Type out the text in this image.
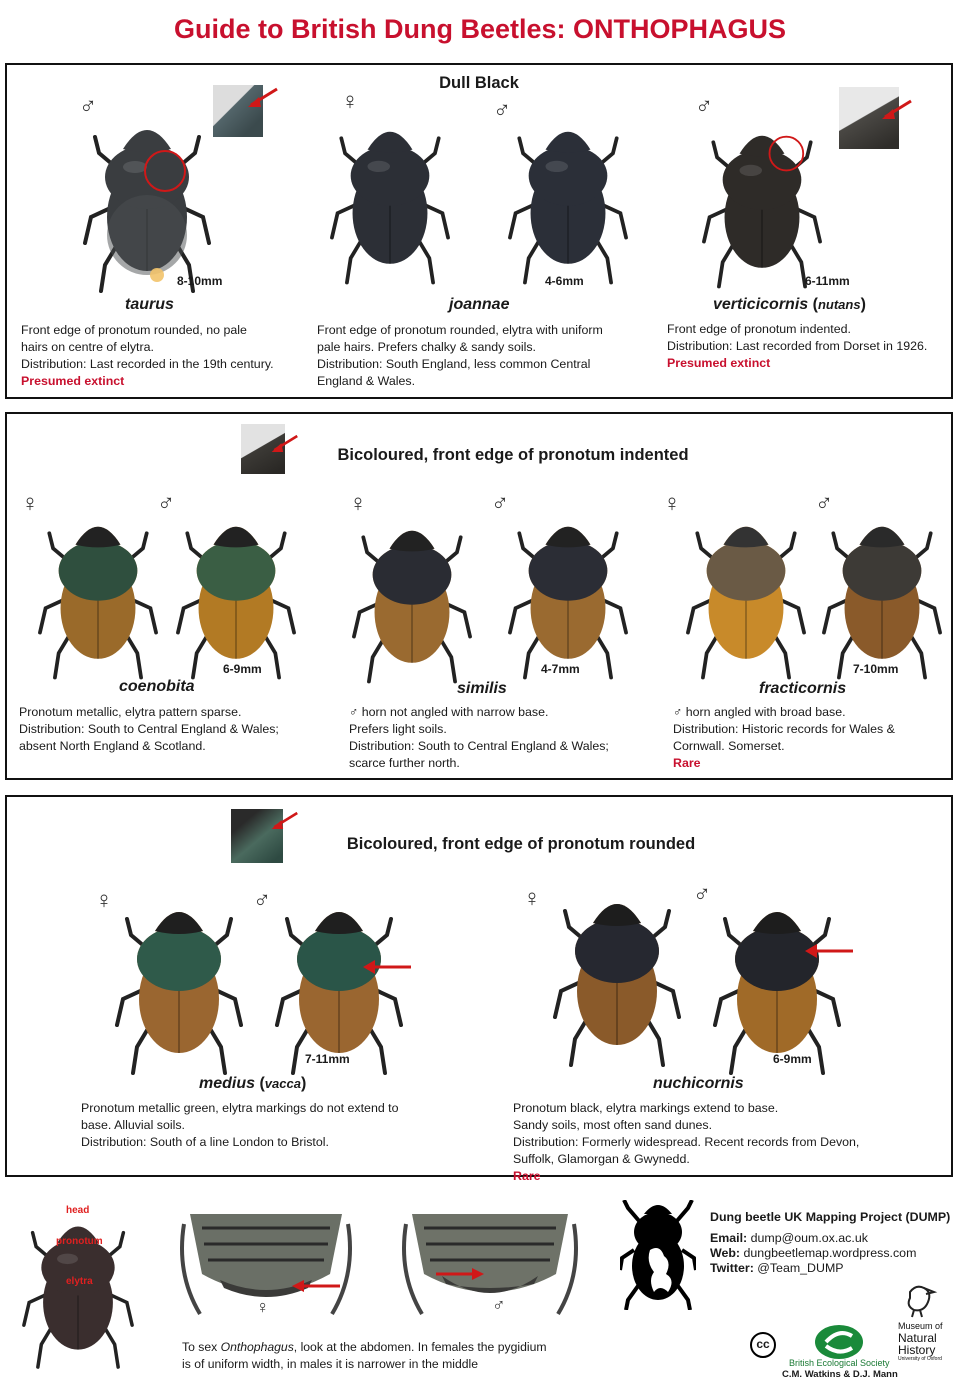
Guide to British Dung Beetles: ONTHOPHAGUS
Dull Black
♂
8-10mm
taurus
Front edge of pronotum rounded, no pale
hairs on centre of elytra.
Distribution: Last recorded in the 19th century.
Presumed extinct
♀	♂
4-6mm
joannae
Front edge of pronotum rounded, elytra with uniform
pale hairs. Prefers chalky & sandy soils.
Distribution: South England, less common Central
England & Wales.
♂
6-11mm
verticicornis (nutans)
Front edge of pronotum indented.
Distribution: Last recorded from Dorset in 1926.
Presumed extinct
Bicoloured, front edge of pronotum indented
♀	♂
6-9mm
coenobita
Pronotum metallic, elytra pattern sparse.
Distribution: South to Central England & Wales;
absent North England & Scotland.
♀	♂
4-7mm
similis
♂ horn not angled with narrow base.
Prefers light soils.
Distribution: South to Central England & Wales;
scarce further north.
♀	♂
7-10mm
fracticornis
♂ horn angled with broad base.
Distribution: Historic records for Wales &
Cornwall. Somerset.
Rare
Bicoloured, front edge of pronotum rounded
♀	♂
7-11mm
medius (vacca)
Pronotum metallic green, elytra markings do not extend to
base. Alluvial soils.
Distribution: South of a line London to Bristol.
♀	♂
6-9mm
nuchicornis
Pronotum black, elytra markings extend to base.
Sandy soils, most often sand dunes.
Distribution: Formerly widespread. Recent records from Devon,
Suffolk, Glamorgan & Gwynedd.
Rare
head
pronotum
elytra
♀	♂
To sex Onthophagus, look at the abdomen. In females the pygidium
is of uniform width, in males it is narrower in the middle
Dung beetle UK Mapping Project (DUMP)
Email: dump@oum.ox.ac.uk
Web: dungbeetlemap.wordpress.com
Twitter: @Team_DUMP
cc
British Ecological Society
Museum of
Natural
History
University of Oxford
C.M. Watkins & D.J. Mann
